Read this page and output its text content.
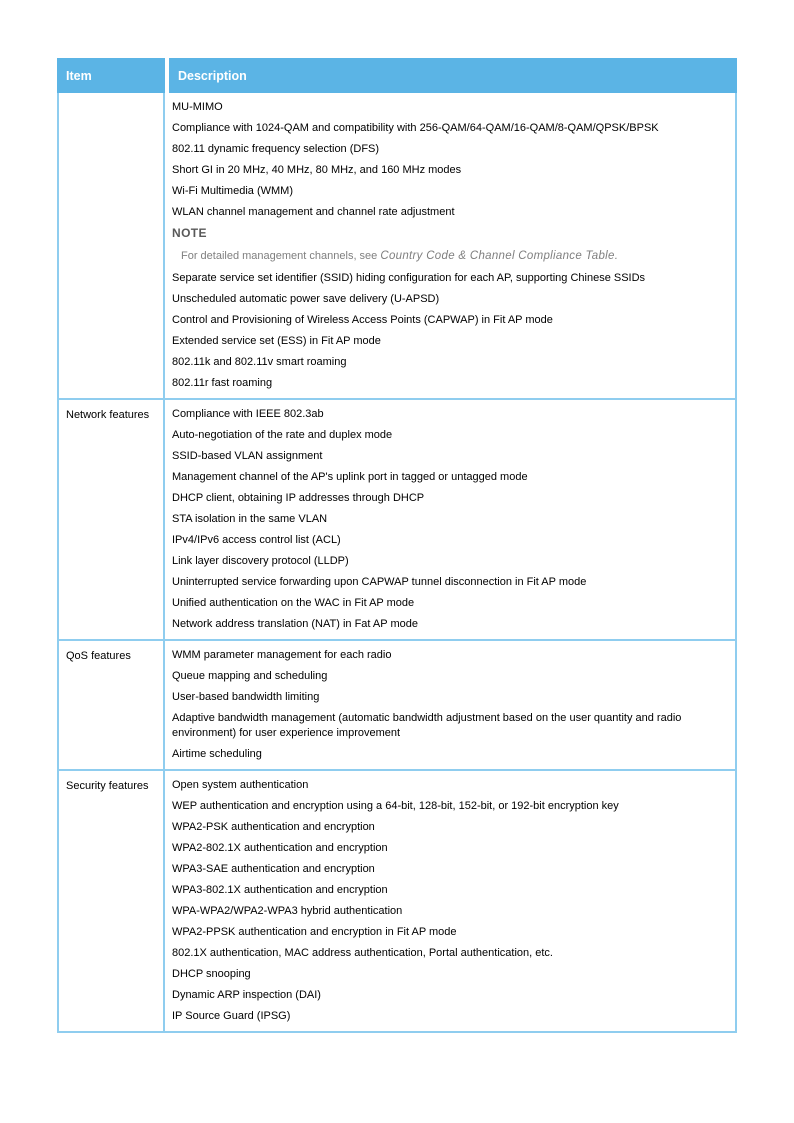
Item	Description

MU-MIMO

Compliance with 1024-QAM and compatibility with 256-QAM/64-QAM/16-QAM/8-QAM/QPSK/BPSK

802.11 dynamic frequency selection (DFS)

Short GI in 20 MHz, 40 MHz, 80 MHz, and 160 MHz modes

Wi-Fi Multimedia (WMM)

WLAN channel management and channel rate adjustment

NOTE

For detailed management channels, see Country Code & Channel Compliance Table.

Separate service set identifier (SSID) hiding configuration for each AP, supporting Chinese SSIDs

Unscheduled automatic power save delivery (U-APSD)

Control and Provisioning of Wireless Access Points (CAPWAP) in Fit AP mode

Extended service set (ESS) in Fit AP mode

802.11k and 802.11v smart roaming

802.11r fast roaming

Network features	Compliance with IEEE 802.3ab

Auto-negotiation of the rate and duplex mode

SSID-based VLAN assignment

Management channel of the AP's uplink port in tagged or untagged mode

DHCP client, obtaining IP addresses through DHCP

STA isolation in the same VLAN

IPv4/IPv6 access control list (ACL)

Link layer discovery protocol (LLDP)

Uninterrupted service forwarding upon CAPWAP tunnel disconnection in Fit AP mode

Unified authentication on the WAC in Fit AP mode

Network address translation (NAT) in Fat AP mode

QoS features	WMM parameter management for each radio

Queue mapping and scheduling

User-based bandwidth limiting

Adaptive bandwidth management (automatic bandwidth adjustment based on the user quantity and radio environment) for user experience improvement

Airtime scheduling

Security features	Open system authentication

WEP authentication and encryption using a 64-bit, 128-bit, 152-bit, or 192-bit encryption key

WPA2-PSK authentication and encryption

WPA2-802.1X authentication and encryption

WPA3-SAE authentication and encryption

WPA3-802.1X authentication and encryption

WPA-WPA2/WPA2-WPA3 hybrid authentication

WPA2-PPSK authentication and encryption in Fit AP mode

802.1X authentication, MAC address authentication, Portal authentication, etc.

DHCP snooping

Dynamic ARP inspection (DAI)

IP Source Guard (IPSG)
